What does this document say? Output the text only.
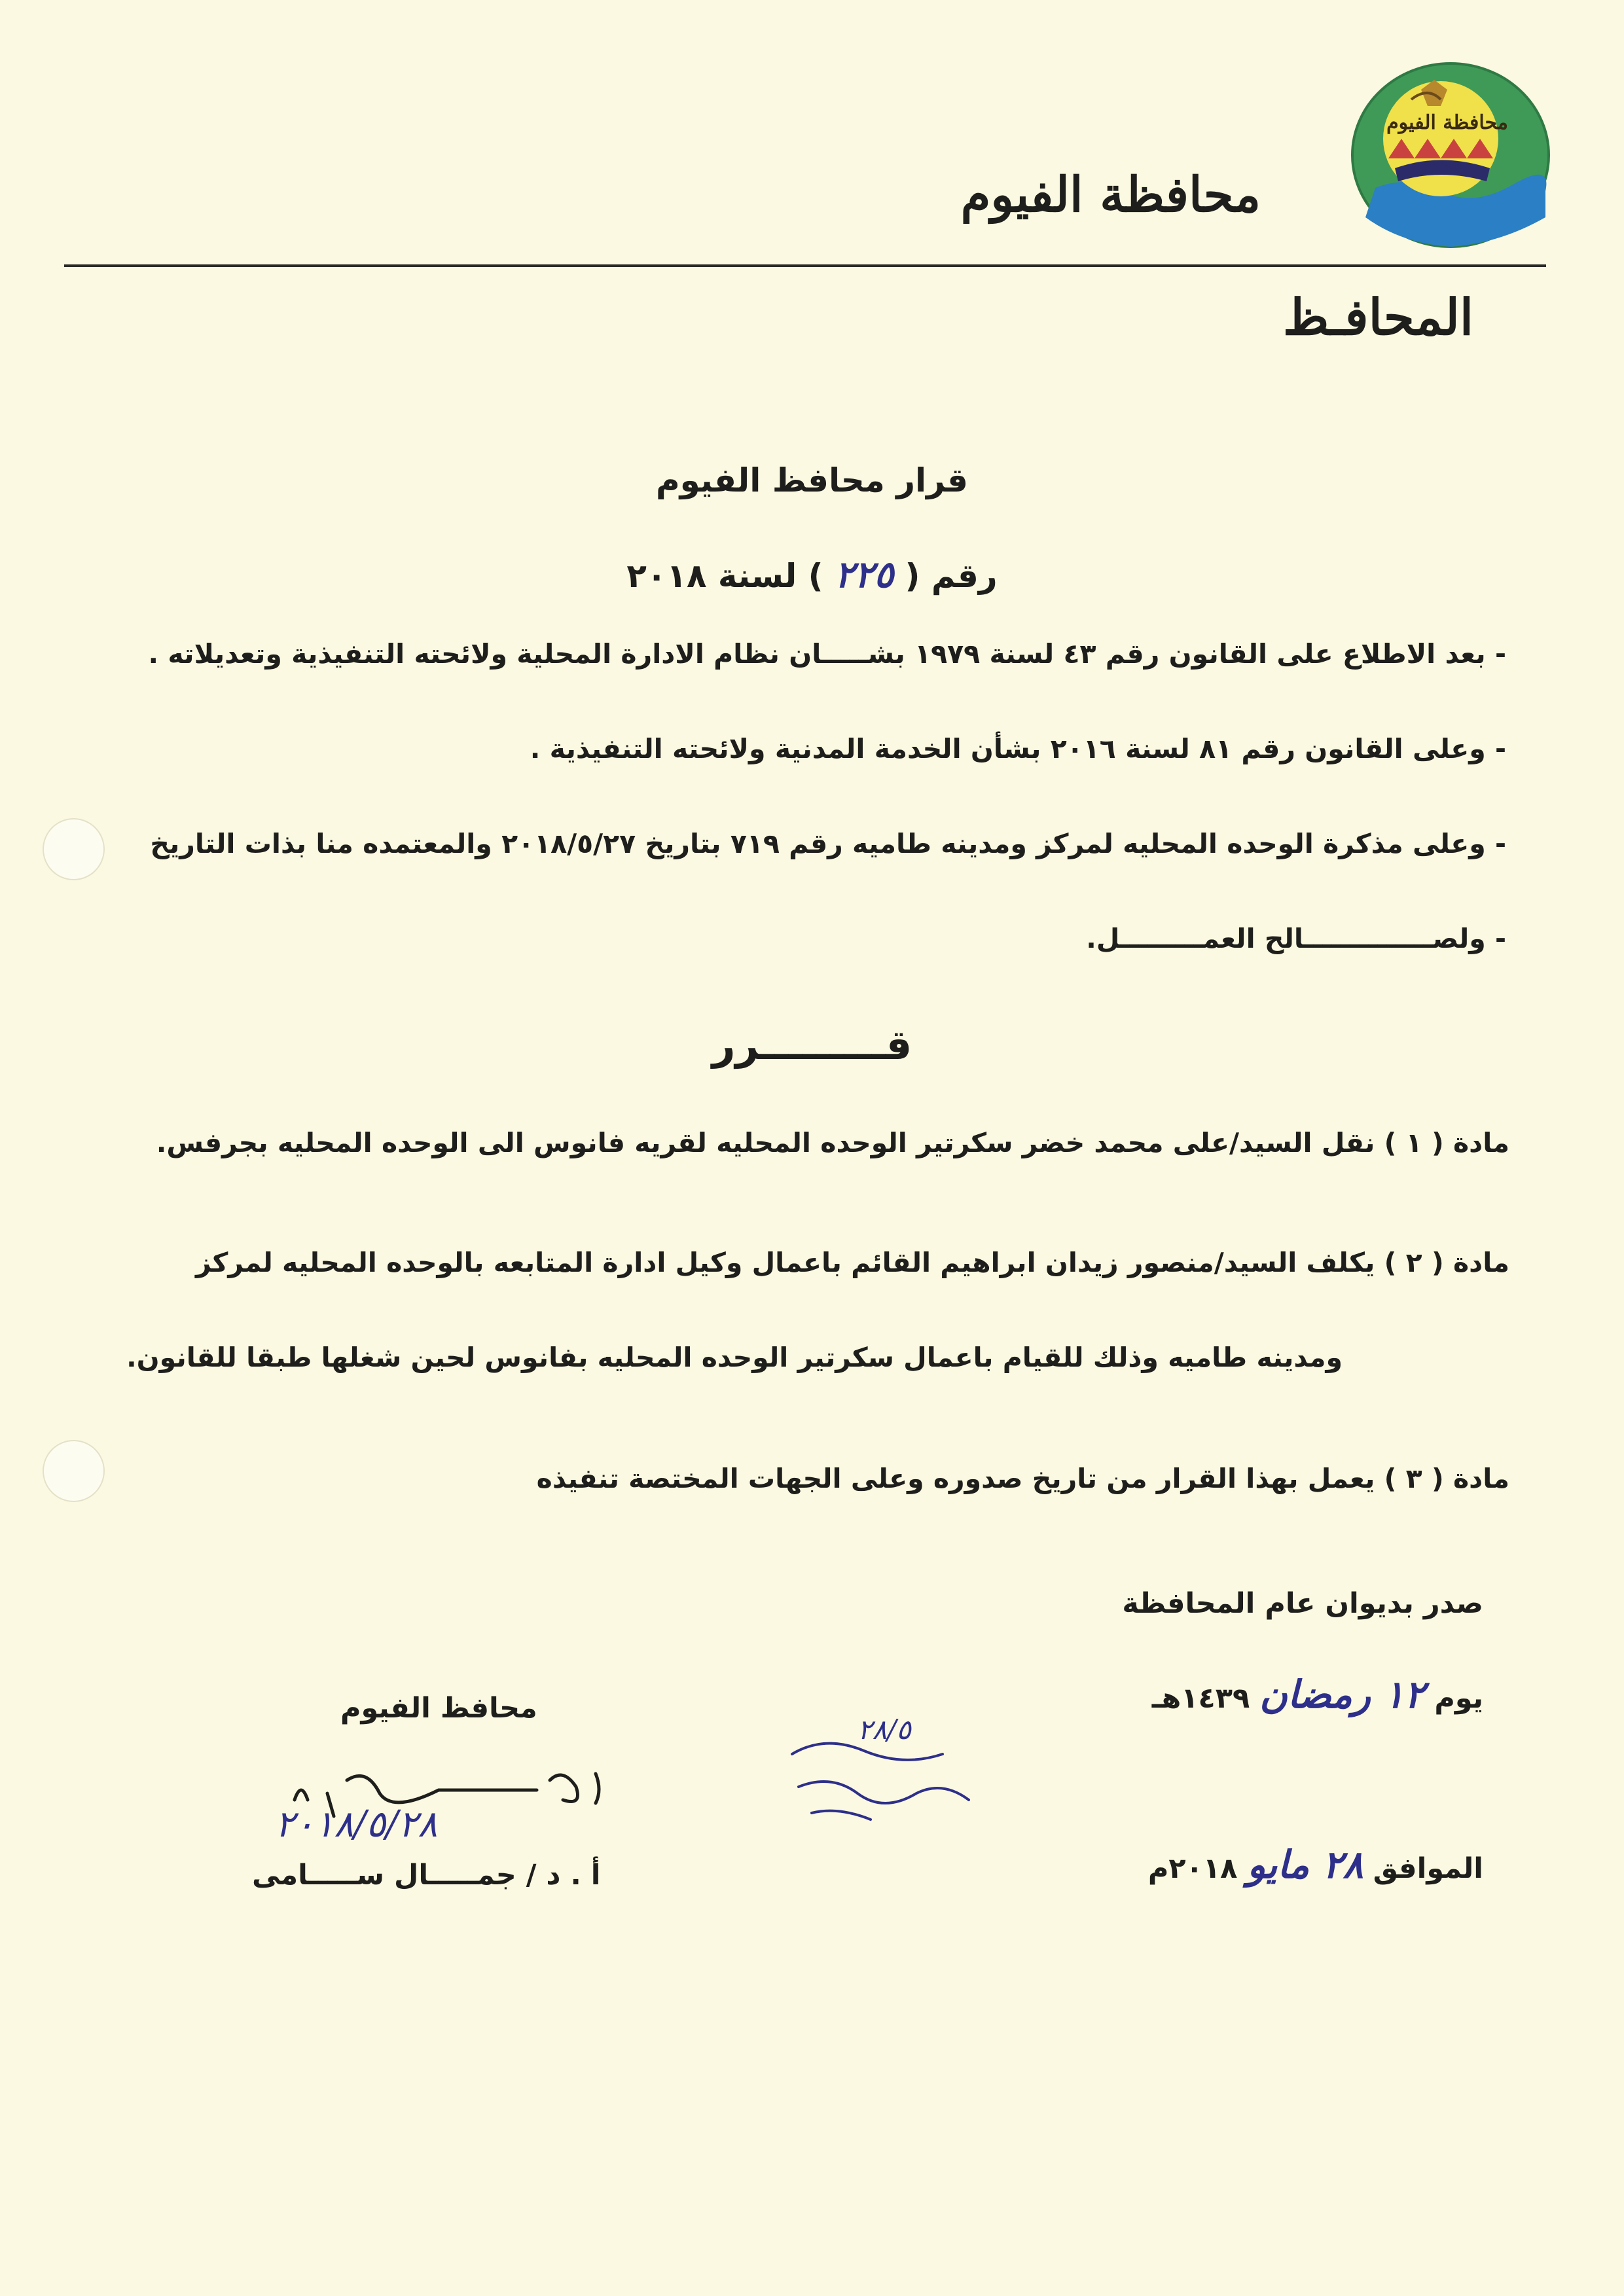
محافظة الفيوم
محافظة الفيوم
المحافـظ
قرار محافظ الفيوم
رقم ( ٢٢٥ ) لسنة ٢٠١٨
- بعد الاطلاع على القانون رقم ٤٣ لسنة ١٩٧٩ بشـــــان نظام الادارة المحلية ولائحته التنفيذية وتعديلاته .
- وعلى القانون رقم ٨١ لسنة ٢٠١٦ بشأن الخدمة المدنية ولائحته التنفيذية .
- وعلى مذكرة الوحده المحليه لمركز ومدينه طاميه رقم ٧١٩ بتاريخ ٢٠١٨/٥/٢٧ والمعتمده منا بذات التاريخ
- ولصــــــــــــــالح العمـــــــــل.
قـــــــــرر
مادة ( ١ ) نقل السيد/على محمد خضر سكرتير الوحده المحليه لقريه فانوس الى الوحده المحليه بجرفس.
مادة ( ٢ ) يكلف السيد/منصور زيدان ابراهيم القائم باعمال وكيل ادارة المتابعه بالوحده المحليه لمركز
ومدينه طاميه وذلك للقيام باعمال سكرتير الوحده المحليه بفانوس لحين شغلها طبقا للقانون.
مادة ( ٣ ) يعمل بهذا القرار من تاريخ صدوره وعلى الجهات المختصة تنفيذه
صدر بديوان عام المحافظة
يوم ١٢ رمضان ١٤٣٩هـ
الموافق ٢٨ مايو ٢٠١٨م
محافظ الفيوم
٢٠١٨/٥/٢٨
أ . د / جمـــــال ســـــامى
٢٨/٥
